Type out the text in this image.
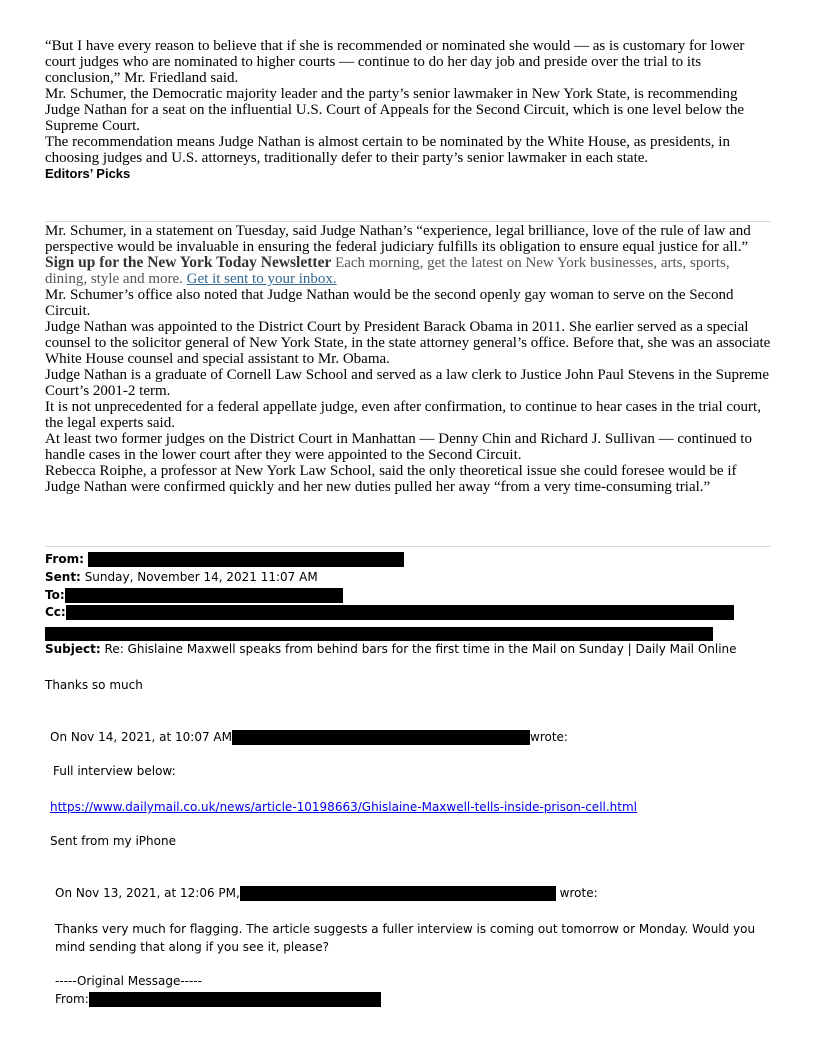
“But I have every reason to believe that if she is recommended or nominated she would — as is customary for lower court judges who are nominated to higher courts — continue to do her day job and preside over the trial to its conclusion,” Mr. Friedland said.

Mr. Schumer, the Democratic majority leader and the party’s senior lawmaker in New York State, is recommending Judge Nathan for a seat on the influential U.S. Court of Appeals for the Second Circuit, which is one level below the Supreme Court.

The recommendation means Judge Nathan is almost certain to be nominated by the White House, as presidents, in choosing judges and U.S. attorneys, traditionally defer to their party’s senior lawmaker in each state.

Editors’ Picks

Mr. Schumer, in a statement on Tuesday, said Judge Nathan’s “experience, legal brilliance, love of the rule of law and perspective would be invaluable in ensuring the federal judiciary fulfills its obligation to ensure equal justice for all.”

Sign up for the New York Today Newsletter Each morning, get the latest on New York businesses, arts, sports, dining, style and more. Get it sent to your inbox.

Mr. Schumer’s office also noted that Judge Nathan would be the second openly gay woman to serve on the Second Circuit.

Judge Nathan was appointed to the District Court by President Barack Obama in 2011. She earlier served as a special counsel to the solicitor general of New York State, in the state attorney general’s office. Before that, she was an associate White House counsel and special assistant to Mr. Obama.

Judge Nathan is a graduate of Cornell Law School and served as a law clerk to Justice John Paul Stevens in the Supreme Court’s 2001-2 term.

It is not unprecedented for a federal appellate judge, even after confirmation, to continue to hear cases in the trial court, the legal experts said.

At least two former judges on the District Court in Manhattan — Denny Chin and Richard J. Sullivan — continued to handle cases in the lower court after they were appointed to the Second Circuit.

Rebecca Roiphe, a professor at New York Law School, said the only theoretical issue she could foresee would be if Judge Nathan were confirmed quickly and her new duties pulled her away “from a very time-consuming trial.”

From:
Sent: Sunday, November 14, 2021 11:07 AM
To:
Cc:
Subject: Re: Ghislaine Maxwell speaks from behind bars for the first time in the Mail on Sunday | Daily Mail Online
Thanks so much
On Nov 14, 2021, at 10:07 AM	wrote:
Full interview below:
https://www.dailymail.co.uk/news/article-10198663/Ghislaine-Maxwell-tells-inside-prison-cell.html
Sent from my iPhone
On Nov 13, 2021, at 12:06 PM,	wrote:
Thanks very much for flagging. The article suggests a fuller interview is coming out tomorrow or Monday. Would you mind sending that along if you see it, please?
-----Original Message-----
From:
